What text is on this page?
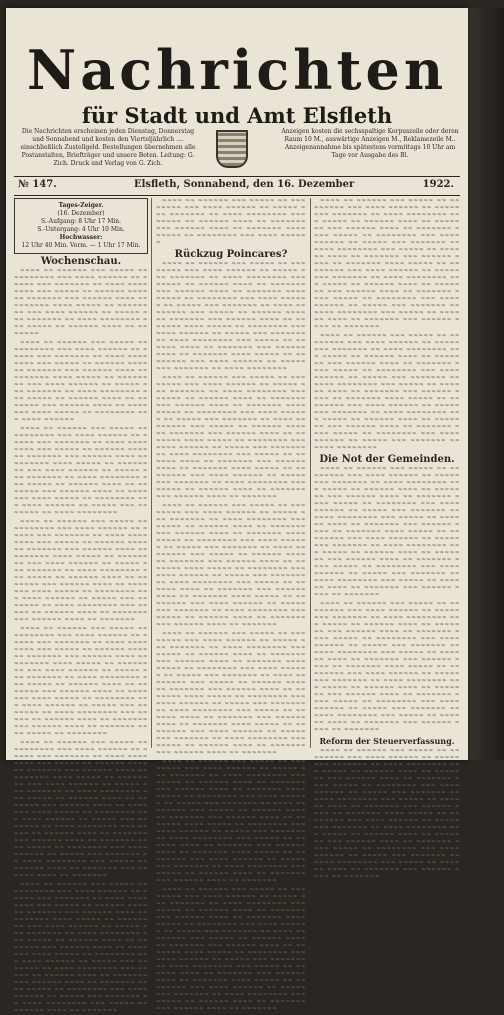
Nachrichten
für Stadt und Amt Elsfleth
Die Nachrichten erscheinen jeden Dienstag, Donnerstag und Sonnabend und kosten den Vierteljährlich .... einschließlich Zustellgeld. Bestellungen übernehmen alle Postanstalten, Briefträger und unsere Boten. Leitung: G. Zich. Druck und Verlag von G. Zich.
Anzeigen kosten die sechsspaltige Korpuszeile oder deren Raum 10 M., auswärtige Anzeigen M., Reklamezeile M.. Anzeigenannahme bis spätestens vormittags 10 Uhr am Tage vor Ausgabe des Bl.
№ 147.	Elsfleth, Sonnabend, den 16. Dezember	1922.
Tages-Zeiger.
(16. Dezember)
S.-Aufgang: 8 Uhr 17 Min.
S.-Untergang: 4 Uhr 10 Min.
Hochwasser:
12 Uhr 40 Min. Vorm. — 1 Uhr 17 Min.
Wochenschau.

≈≈≈≈ ≈≈ ≈≈≈≈≈≈ ≈≈≈ ≈≈≈≈≈ ≈≈ ≈≈≈≈≈≈≈≈ ≈≈≈ ≈≈≈≈ ≈≈≈≈≈≈ ≈≈ ≈≈≈≈≈ ≈≈≈ ≈≈≈≈≈≈≈ ≈≈ ≈≈≈≈ ≈≈≈≈≈≈≈≈ ≈≈≈ ≈≈≈≈≈ ≈≈ ≈≈≈≈≈≈ ≈≈≈≈ ≈≈ ≈≈≈≈≈≈≈ ≈≈≈ ≈≈≈≈≈≈ ≈≈≈≈ ≈≈ ≈≈≈≈≈≈≈ ≈≈≈≈ ≈≈≈≈≈ ≈≈ ≈≈≈≈≈≈≈≈ ≈≈≈ ≈≈≈≈ ≈≈≈≈≈≈ ≈≈ ≈≈≈≈≈ ≈≈≈ ≈≈≈≈≈≈≈ ≈≈ ≈≈≈≈ ≈≈≈≈≈≈≈≈ ≈≈≈ ≈≈≈≈≈ ≈≈ ≈≈≈≈≈≈ ≈≈≈≈ ≈≈ ≈≈≈≈≈≈≈

≈≈≈≈ ≈≈ ≈≈≈≈≈≈ ≈≈≈ ≈≈≈≈≈ ≈≈ ≈≈≈≈≈≈≈≈ ≈≈≈ ≈≈≈≈ ≈≈≈≈≈≈ ≈≈ ≈≈≈≈≈ ≈≈≈ ≈≈≈≈≈≈≈ ≈≈ ≈≈≈≈ ≈≈≈≈≈≈≈≈ ≈≈≈ ≈≈≈≈≈ ≈≈ ≈≈≈≈≈≈ ≈≈≈≈ ≈≈ ≈≈≈≈≈≈≈ ≈≈≈ ≈≈≈≈≈≈ ≈≈≈≈ ≈≈ ≈≈≈≈≈≈≈ ≈≈≈≈ ≈≈≈≈≈ ≈≈ ≈≈≈≈≈≈≈≈ ≈≈≈ ≈≈≈≈ ≈≈≈≈≈≈ ≈≈ ≈≈≈≈≈ ≈≈≈ ≈≈≈≈≈≈≈ ≈≈ ≈≈≈≈ ≈≈≈≈≈≈≈≈ ≈≈≈ ≈≈≈≈≈ ≈≈ ≈≈≈≈≈≈ ≈≈≈≈ ≈≈ ≈≈≈≈≈≈≈ ≈≈≈ ≈≈≈≈≈≈ ≈≈≈≈ ≈≈ ≈≈≈≈≈≈≈ ≈≈≈≈ ≈≈≈≈≈ ≈≈ ≈≈≈≈≈≈≈≈ ≈≈≈ ≈≈≈≈ ≈≈≈≈≈≈

≈≈≈≈ ≈≈ ≈≈≈≈≈≈ ≈≈≈ ≈≈≈≈≈ ≈≈ ≈≈≈≈≈≈≈≈ ≈≈≈ ≈≈≈≈ ≈≈≈≈≈≈ ≈≈ ≈≈≈≈≈ ≈≈≈ ≈≈≈≈≈≈≈ ≈≈ ≈≈≈≈ ≈≈≈≈≈≈≈≈ ≈≈≈ ≈≈≈≈≈ ≈≈ ≈≈≈≈≈≈ ≈≈≈≈ ≈≈ ≈≈≈≈≈≈≈ ≈≈≈ ≈≈≈≈≈≈ ≈≈≈≈ ≈≈ ≈≈≈≈≈≈≈ ≈≈≈≈ ≈≈≈≈≈ ≈≈ ≈≈≈≈≈≈≈≈ ≈≈≈ ≈≈≈≈ ≈≈≈≈≈≈ ≈≈ ≈≈≈≈≈ ≈≈≈ ≈≈≈≈≈≈≈ ≈≈ ≈≈≈≈ ≈≈≈≈≈≈≈≈ ≈≈≈ ≈≈≈≈≈ ≈≈ ≈≈≈≈≈≈ ≈≈≈≈ ≈≈ ≈≈≈≈≈≈≈ ≈≈≈ ≈≈≈≈≈≈ ≈≈≈≈ ≈≈ ≈≈≈≈≈≈≈ ≈≈≈≈ ≈≈≈≈≈ ≈≈ ≈≈≈≈≈≈≈≈ ≈≈≈ ≈≈≈≈ ≈≈≈≈≈≈ ≈≈ ≈≈≈≈≈ ≈≈≈ ≈≈≈≈≈≈≈ ≈≈ ≈≈≈≈ ≈≈≈≈≈≈≈≈

≈≈≈≈ ≈≈ ≈≈≈≈≈≈ ≈≈≈ ≈≈≈≈≈ ≈≈ ≈≈≈≈≈≈≈≈ ≈≈≈ ≈≈≈≈ ≈≈≈≈≈≈ ≈≈ ≈≈≈≈≈ ≈≈≈ ≈≈≈≈≈≈≈ ≈≈ ≈≈≈≈ ≈≈≈≈≈≈≈≈ ≈≈≈ ≈≈≈≈≈ ≈≈ ≈≈≈≈≈≈ ≈≈≈≈ ≈≈ ≈≈≈≈≈≈≈ ≈≈≈ ≈≈≈≈≈≈ ≈≈≈≈ ≈≈ ≈≈≈≈≈≈≈ ≈≈≈≈ ≈≈≈≈≈ ≈≈ ≈≈≈≈≈≈≈≈ ≈≈≈ ≈≈≈≈ ≈≈≈≈≈≈ ≈≈ ≈≈≈≈≈ ≈≈≈ ≈≈≈≈≈≈≈ ≈≈ ≈≈≈≈ ≈≈≈≈≈≈≈≈ ≈≈≈ ≈≈≈≈≈ ≈≈ ≈≈≈≈≈≈ ≈≈≈≈ ≈≈ ≈≈≈≈≈≈≈ ≈≈≈ ≈≈≈≈≈≈ ≈≈≈≈ ≈≈ ≈≈≈≈≈≈≈ ≈≈≈≈ ≈≈≈≈≈ ≈≈ ≈≈≈≈≈≈≈≈ ≈≈≈ ≈≈≈≈ ≈≈≈≈≈≈ ≈≈ ≈≈≈≈≈ ≈≈≈ ≈≈≈≈≈≈≈ ≈≈ ≈≈≈≈ ≈≈≈≈≈≈≈≈ ≈≈≈ ≈≈≈≈≈ ≈≈ ≈≈≈≈≈≈ ≈≈≈≈ ≈≈ ≈≈≈≈≈≈≈ ≈≈≈ ≈≈≈≈≈≈ ≈≈≈≈ ≈≈ ≈≈≈≈≈≈≈

≈≈≈≈ ≈≈ ≈≈≈≈≈≈ ≈≈≈ ≈≈≈≈≈ ≈≈ ≈≈≈≈≈≈≈≈ ≈≈≈ ≈≈≈≈ ≈≈≈≈≈≈ ≈≈ ≈≈≈≈≈ ≈≈≈ ≈≈≈≈≈≈≈ ≈≈ ≈≈≈≈ ≈≈≈≈≈≈≈≈ ≈≈≈ ≈≈≈≈≈ ≈≈ ≈≈≈≈≈≈ ≈≈≈≈ ≈≈ ≈≈≈≈≈≈≈ ≈≈≈ ≈≈≈≈≈≈ ≈≈≈≈ ≈≈ ≈≈≈≈≈≈≈ ≈≈≈≈ ≈≈≈≈≈ ≈≈ ≈≈≈≈≈≈≈≈ ≈≈≈ ≈≈≈≈ ≈≈≈≈≈≈ ≈≈ ≈≈≈≈≈ ≈≈≈ ≈≈≈≈≈≈≈ ≈≈ ≈≈≈≈ ≈≈≈≈≈≈≈≈ ≈≈≈ ≈≈≈≈≈ ≈≈ ≈≈≈≈≈≈ ≈≈≈≈ ≈≈ ≈≈≈≈≈≈≈ ≈≈≈ ≈≈≈≈≈≈ ≈≈≈≈ ≈≈ ≈≈≈≈≈≈≈ ≈≈≈≈ ≈≈≈≈≈ ≈≈ ≈≈≈≈≈≈≈≈ ≈≈≈ ≈≈≈≈ ≈≈≈≈≈≈ ≈≈ ≈≈≈≈≈ ≈≈≈ ≈≈≈≈≈≈≈ ≈≈ ≈≈≈≈ ≈≈≈≈≈≈≈≈ ≈≈≈ ≈≈≈≈≈ ≈≈ ≈≈≈≈≈≈ ≈≈≈≈ ≈≈ ≈≈≈≈≈≈≈ ≈≈≈ ≈≈≈≈≈≈ ≈≈≈≈ ≈≈ ≈≈≈≈≈≈≈ ≈≈≈≈ ≈≈≈≈≈ ≈≈ ≈≈≈≈≈≈≈≈

≈≈≈≈ ≈≈ ≈≈≈≈≈≈ ≈≈≈ ≈≈≈≈≈ ≈≈ ≈≈≈≈≈≈≈≈ ≈≈≈ ≈≈≈≈ ≈≈≈≈≈≈ ≈≈ ≈≈≈≈≈ ≈≈≈ ≈≈≈≈≈≈≈ ≈≈ ≈≈≈≈ ≈≈≈≈≈≈≈≈ ≈≈≈ ≈≈≈≈≈ ≈≈ ≈≈≈≈≈≈ ≈≈≈≈ ≈≈ ≈≈≈≈≈≈≈ ≈≈≈ ≈≈≈≈≈≈ ≈≈≈≈ ≈≈ ≈≈≈≈≈≈≈ ≈≈≈≈ ≈≈≈≈≈ ≈≈ ≈≈≈≈≈≈≈≈ ≈≈≈ ≈≈≈≈ ≈≈≈≈≈≈ ≈≈ ≈≈≈≈≈ ≈≈≈ ≈≈≈≈≈≈≈ ≈≈ ≈≈≈≈ ≈≈≈≈≈≈≈≈ ≈≈≈ ≈≈≈≈≈ ≈≈ ≈≈≈≈≈≈ ≈≈≈≈ ≈≈ ≈≈≈≈≈≈≈ ≈≈≈ ≈≈≈≈≈≈ ≈≈≈≈ ≈≈ ≈≈≈≈≈≈≈ ≈≈≈≈ ≈≈≈≈≈ ≈≈ ≈≈≈≈≈≈≈≈ ≈≈≈ ≈≈≈≈ ≈≈≈≈≈≈ ≈≈ ≈≈≈≈≈ ≈≈≈ ≈≈≈≈≈≈≈ ≈≈ ≈≈≈≈ ≈≈≈≈≈≈≈≈ ≈≈≈ ≈≈≈≈≈ ≈≈ ≈≈≈≈≈≈ ≈≈≈≈ ≈≈ ≈≈≈≈≈≈≈ ≈≈≈ ≈≈≈≈≈≈ ≈≈≈≈ ≈≈ ≈≈≈≈≈≈≈ ≈≈≈≈ ≈≈≈≈≈ ≈≈ ≈≈≈≈≈≈≈≈ ≈≈≈ ≈≈≈≈ ≈≈≈≈≈≈ ≈≈ ≈≈≈≈≈ ≈≈≈ ≈≈≈≈≈≈≈ ≈≈ ≈≈≈≈ ≈≈≈≈≈≈≈≈ ≈≈≈ ≈≈≈≈≈ ≈≈ ≈≈≈≈≈≈ ≈≈≈≈ ≈≈ ≈≈≈≈≈≈≈ ≈≈≈ ≈≈≈≈≈≈ ≈≈≈≈ ≈≈ ≈≈≈≈≈≈≈

≈≈≈≈ ≈≈ ≈≈≈≈≈≈ ≈≈≈ ≈≈≈≈≈ ≈≈ ≈≈≈≈≈≈≈≈ ≈≈≈ ≈≈≈≈ ≈≈≈≈≈≈ ≈≈ ≈≈≈≈≈ ≈≈≈ ≈≈≈≈≈≈≈ ≈≈ ≈≈≈≈ ≈≈≈≈≈≈≈≈ ≈≈≈ ≈≈≈≈≈ ≈≈ ≈≈≈≈≈≈ ≈≈≈≈ ≈≈ ≈≈≈≈≈≈≈ ≈≈≈ ≈≈≈≈≈≈ ≈≈≈≈ ≈≈ ≈≈≈≈≈≈≈ ≈≈≈≈ ≈≈≈≈≈ ≈≈ ≈≈≈≈≈≈≈≈ ≈≈≈ ≈≈≈≈ ≈≈≈≈≈≈ ≈≈ ≈≈≈≈≈ ≈≈≈ ≈≈≈≈≈≈≈ ≈≈ ≈≈≈≈ ≈≈≈≈≈≈≈≈ ≈≈≈ ≈≈≈≈≈ ≈≈ ≈≈≈≈≈≈ ≈≈≈≈ ≈≈ ≈≈≈≈≈≈≈ ≈≈≈ ≈≈≈≈≈≈ ≈≈≈≈ ≈≈ ≈≈≈≈≈≈≈ ≈≈≈≈ ≈≈≈≈≈ ≈≈ ≈≈≈≈≈≈≈≈ ≈≈≈ ≈≈≈≈ ≈≈≈≈≈≈ ≈≈ ≈≈≈≈≈ ≈≈≈ ≈≈≈≈≈≈≈ ≈≈ ≈≈≈≈ ≈≈≈≈≈≈≈≈ ≈≈≈ ≈≈≈≈≈ ≈≈ ≈≈≈≈≈≈ ≈≈≈≈ ≈≈ ≈≈≈≈≈≈≈ ≈≈≈ ≈≈≈≈≈≈ ≈≈≈≈ ≈≈ ≈≈≈≈≈≈≈ ≈≈≈≈ ≈≈≈≈≈ ≈≈ ≈≈≈≈≈≈≈≈ ≈≈≈ ≈≈≈≈ ≈≈≈≈≈≈ ≈≈ ≈≈≈≈≈ ≈≈≈ ≈≈≈≈≈≈≈ ≈≈ ≈≈≈≈ ≈≈≈≈≈≈≈≈ ≈≈≈ ≈≈≈≈≈ ≈≈ ≈≈≈≈≈≈ ≈≈≈≈ ≈≈ ≈≈≈≈≈≈≈

≈≈≈≈ ≈≈ ≈≈≈≈≈≈ ≈≈≈ ≈≈≈≈≈ ≈≈ ≈≈≈≈≈≈≈≈ ≈≈≈ ≈≈≈≈ ≈≈≈≈≈≈ ≈≈ ≈≈≈≈≈ ≈≈≈ ≈≈≈≈≈≈≈ ≈≈ ≈≈≈≈ ≈≈≈≈≈≈≈≈ ≈≈≈ ≈≈≈≈≈ ≈≈ ≈≈≈≈≈≈ ≈≈≈≈ ≈≈ ≈≈≈≈≈≈≈ ≈≈≈ ≈≈≈≈≈≈ ≈≈≈≈ ≈≈ ≈≈≈≈≈≈≈ ≈≈≈≈ ≈≈≈≈≈ ≈≈ ≈≈≈≈≈≈≈≈ ≈≈≈ ≈≈≈≈ ≈≈≈≈≈≈

Rückzug Poincares?

≈≈≈≈ ≈≈ ≈≈≈≈≈≈ ≈≈≈ ≈≈≈≈≈ ≈≈ ≈≈≈≈≈≈≈≈ ≈≈≈ ≈≈≈≈ ≈≈≈≈≈≈ ≈≈ ≈≈≈≈≈ ≈≈≈ ≈≈≈≈≈≈≈ ≈≈ ≈≈≈≈ ≈≈≈≈≈≈≈≈ ≈≈≈ ≈≈≈≈≈ ≈≈ ≈≈≈≈≈≈ ≈≈≈≈ ≈≈ ≈≈≈≈≈≈≈ ≈≈≈ ≈≈≈≈≈≈ ≈≈≈≈ ≈≈ ≈≈≈≈≈≈≈ ≈≈≈≈ ≈≈≈≈≈ ≈≈ ≈≈≈≈≈≈≈≈ ≈≈≈ ≈≈≈≈ ≈≈≈≈≈≈ ≈≈ ≈≈≈≈≈ ≈≈≈ ≈≈≈≈≈≈≈ ≈≈ ≈≈≈≈ ≈≈≈≈≈≈≈≈ ≈≈≈ ≈≈≈≈≈ ≈≈ ≈≈≈≈≈≈ ≈≈≈≈ ≈≈ ≈≈≈≈≈≈≈ ≈≈≈ ≈≈≈≈≈≈ ≈≈≈≈ ≈≈ ≈≈≈≈≈≈≈ ≈≈≈≈ ≈≈≈≈≈ ≈≈ ≈≈≈≈≈≈≈≈ ≈≈≈ ≈≈≈≈ ≈≈≈≈≈≈ ≈≈ ≈≈≈≈≈ ≈≈≈ ≈≈≈≈≈≈≈ ≈≈ ≈≈≈≈ ≈≈≈≈≈≈≈≈ ≈≈≈ ≈≈≈≈≈ ≈≈ ≈≈≈≈≈≈ ≈≈≈≈ ≈≈ ≈≈≈≈≈≈≈ ≈≈≈ ≈≈≈≈≈≈ ≈≈≈≈ ≈≈ ≈≈≈≈≈≈≈ ≈≈≈≈ ≈≈≈≈≈ ≈≈ ≈≈≈≈≈≈≈≈ ≈≈≈ ≈≈≈≈ ≈≈≈≈≈≈ ≈≈ ≈≈≈≈≈ ≈≈≈ ≈≈≈≈≈≈≈ ≈≈ ≈≈≈≈ ≈≈≈≈≈≈≈≈

≈≈≈≈ ≈≈ ≈≈≈≈≈≈ ≈≈≈ ≈≈≈≈≈ ≈≈ ≈≈≈≈≈≈≈≈ ≈≈≈ ≈≈≈≈ ≈≈≈≈≈≈ ≈≈ ≈≈≈≈≈ ≈≈≈ ≈≈≈≈≈≈≈ ≈≈ ≈≈≈≈ ≈≈≈≈≈≈≈≈ ≈≈≈ ≈≈≈≈≈ ≈≈ ≈≈≈≈≈≈ ≈≈≈≈ ≈≈ ≈≈≈≈≈≈≈ ≈≈≈ ≈≈≈≈≈≈ ≈≈≈≈ ≈≈ ≈≈≈≈≈≈≈ ≈≈≈≈ ≈≈≈≈≈ ≈≈ ≈≈≈≈≈≈≈≈ ≈≈≈ ≈≈≈≈ ≈≈≈≈≈≈ ≈≈ ≈≈≈≈≈ ≈≈≈ ≈≈≈≈≈≈≈ ≈≈ ≈≈≈≈ ≈≈≈≈≈≈≈≈ ≈≈≈ ≈≈≈≈≈ ≈≈ ≈≈≈≈≈≈ ≈≈≈≈ ≈≈ ≈≈≈≈≈≈≈ ≈≈≈ ≈≈≈≈≈≈ ≈≈≈≈ ≈≈ ≈≈≈≈≈≈≈ ≈≈≈≈ ≈≈≈≈≈ ≈≈ ≈≈≈≈≈≈≈≈ ≈≈≈ ≈≈≈≈ ≈≈≈≈≈≈ ≈≈ ≈≈≈≈≈ ≈≈≈ ≈≈≈≈≈≈≈ ≈≈ ≈≈≈≈ ≈≈≈≈≈≈≈≈ ≈≈≈ ≈≈≈≈≈ ≈≈ ≈≈≈≈≈≈ ≈≈≈≈ ≈≈ ≈≈≈≈≈≈≈ ≈≈≈ ≈≈≈≈≈≈ ≈≈≈≈ ≈≈ ≈≈≈≈≈≈≈ ≈≈≈≈ ≈≈≈≈≈ ≈≈ ≈≈≈≈≈≈≈≈ ≈≈≈ ≈≈≈≈ ≈≈≈≈≈≈ ≈≈ ≈≈≈≈≈ ≈≈≈ ≈≈≈≈≈≈≈ ≈≈ ≈≈≈≈ ≈≈≈≈≈≈≈≈ ≈≈≈ ≈≈≈≈≈ ≈≈ ≈≈≈≈≈≈ ≈≈≈≈ ≈≈ ≈≈≈≈≈≈≈ ≈≈≈ ≈≈≈≈≈≈ ≈≈≈≈ ≈≈ ≈≈≈≈≈≈≈

≈≈≈≈ ≈≈ ≈≈≈≈≈≈ ≈≈≈ ≈≈≈≈≈ ≈≈ ≈≈≈≈≈≈≈≈ ≈≈≈ ≈≈≈≈ ≈≈≈≈≈≈ ≈≈ ≈≈≈≈≈ ≈≈≈ ≈≈≈≈≈≈≈ ≈≈ ≈≈≈≈ ≈≈≈≈≈≈≈≈ ≈≈≈ ≈≈≈≈≈ ≈≈ ≈≈≈≈≈≈ ≈≈≈≈ ≈≈ ≈≈≈≈≈≈≈ ≈≈≈ ≈≈≈≈≈≈ ≈≈≈≈ ≈≈ ≈≈≈≈≈≈≈ ≈≈≈≈ ≈≈≈≈≈ ≈≈ ≈≈≈≈≈≈≈≈ ≈≈≈ ≈≈≈≈ ≈≈≈≈≈≈ ≈≈ ≈≈≈≈≈ ≈≈≈ ≈≈≈≈≈≈≈ ≈≈ ≈≈≈≈ ≈≈≈≈≈≈≈≈ ≈≈≈ ≈≈≈≈≈ ≈≈ ≈≈≈≈≈≈ ≈≈≈≈ ≈≈ ≈≈≈≈≈≈≈ ≈≈≈ ≈≈≈≈≈≈ ≈≈≈≈ ≈≈ ≈≈≈≈≈≈≈ ≈≈≈≈ ≈≈≈≈≈ ≈≈ ≈≈≈≈≈≈≈≈ ≈≈≈ ≈≈≈≈ ≈≈≈≈≈≈ ≈≈ ≈≈≈≈≈ ≈≈≈ ≈≈≈≈≈≈≈ ≈≈ ≈≈≈≈ ≈≈≈≈≈≈≈≈ ≈≈≈ ≈≈≈≈≈ ≈≈ ≈≈≈≈≈≈ ≈≈≈≈ ≈≈ ≈≈≈≈≈≈≈ ≈≈≈ ≈≈≈≈≈≈ ≈≈≈≈ ≈≈ ≈≈≈≈≈≈≈ ≈≈≈≈ ≈≈≈≈≈ ≈≈ ≈≈≈≈≈≈≈≈ ≈≈≈ ≈≈≈≈ ≈≈≈≈≈≈ ≈≈ ≈≈≈≈≈ ≈≈≈ ≈≈≈≈≈≈≈ ≈≈ ≈≈≈≈ ≈≈≈≈≈≈≈≈ ≈≈≈ ≈≈≈≈≈ ≈≈ ≈≈≈≈≈≈ ≈≈≈≈ ≈≈ ≈≈≈≈≈≈≈ ≈≈≈ ≈≈≈≈≈≈ ≈≈≈≈ ≈≈ ≈≈≈≈≈≈≈

≈≈≈≈ ≈≈ ≈≈≈≈≈≈ ≈≈≈ ≈≈≈≈≈ ≈≈ ≈≈≈≈≈≈≈≈ ≈≈≈ ≈≈≈≈ ≈≈≈≈≈≈ ≈≈ ≈≈≈≈≈ ≈≈≈ ≈≈≈≈≈≈≈ ≈≈ ≈≈≈≈ ≈≈≈≈≈≈≈≈ ≈≈≈ ≈≈≈≈≈ ≈≈ ≈≈≈≈≈≈ ≈≈≈≈ ≈≈ ≈≈≈≈≈≈≈ ≈≈≈ ≈≈≈≈≈≈ ≈≈≈≈ ≈≈ ≈≈≈≈≈≈≈ ≈≈≈≈ ≈≈≈≈≈ ≈≈ ≈≈≈≈≈≈≈≈ ≈≈≈ ≈≈≈≈ ≈≈≈≈≈≈ ≈≈ ≈≈≈≈≈ ≈≈≈ ≈≈≈≈≈≈≈ ≈≈ ≈≈≈≈ ≈≈≈≈≈≈≈≈ ≈≈≈ ≈≈≈≈≈ ≈≈ ≈≈≈≈≈≈ ≈≈≈≈ ≈≈ ≈≈≈≈≈≈≈ ≈≈≈ ≈≈≈≈≈≈ ≈≈≈≈ ≈≈ ≈≈≈≈≈≈≈ ≈≈≈≈ ≈≈≈≈≈ ≈≈ ≈≈≈≈≈≈≈≈ ≈≈≈ ≈≈≈≈ ≈≈≈≈≈≈ ≈≈ ≈≈≈≈≈ ≈≈≈ ≈≈≈≈≈≈≈ ≈≈ ≈≈≈≈ ≈≈≈≈≈≈≈≈ ≈≈≈ ≈≈≈≈≈ ≈≈ ≈≈≈≈≈≈ ≈≈≈≈ ≈≈ ≈≈≈≈≈≈≈ ≈≈≈ ≈≈≈≈≈≈ ≈≈≈≈ ≈≈ ≈≈≈≈≈≈≈ ≈≈≈≈ ≈≈≈≈≈ ≈≈ ≈≈≈≈≈≈≈≈ ≈≈≈ ≈≈≈≈ ≈≈≈≈≈≈ ≈≈ ≈≈≈≈≈ ≈≈≈ ≈≈≈≈≈≈≈ ≈≈ ≈≈≈≈ ≈≈≈≈≈≈≈≈ ≈≈≈ ≈≈≈≈≈ ≈≈ ≈≈≈≈≈≈ ≈≈≈≈ ≈≈ ≈≈≈≈≈≈≈ ≈≈≈ ≈≈≈≈≈≈ ≈≈≈≈ ≈≈ ≈≈≈≈≈≈≈

≈≈≈≈ ≈≈ ≈≈≈≈≈≈ ≈≈≈ ≈≈≈≈≈ ≈≈ ≈≈≈≈≈≈≈≈ ≈≈≈ ≈≈≈≈ ≈≈≈≈≈≈ ≈≈ ≈≈≈≈≈ ≈≈≈ ≈≈≈≈≈≈≈ ≈≈ ≈≈≈≈ ≈≈≈≈≈≈≈≈ ≈≈≈ ≈≈≈≈≈ ≈≈ ≈≈≈≈≈≈ ≈≈≈≈ ≈≈ ≈≈≈≈≈≈≈ ≈≈≈ ≈≈≈≈≈≈ ≈≈≈≈ ≈≈ ≈≈≈≈≈≈≈ ≈≈≈≈ ≈≈≈≈≈ ≈≈ ≈≈≈≈≈≈≈≈ ≈≈≈ ≈≈≈≈ ≈≈≈≈≈≈ ≈≈ ≈≈≈≈≈ ≈≈≈ ≈≈≈≈≈≈≈ ≈≈ ≈≈≈≈ ≈≈≈≈≈≈≈≈ ≈≈≈ ≈≈≈≈≈ ≈≈ ≈≈≈≈≈≈ ≈≈≈≈ ≈≈ ≈≈≈≈≈≈≈ ≈≈≈ ≈≈≈≈≈≈ ≈≈≈≈ ≈≈ ≈≈≈≈≈≈≈ ≈≈≈≈ ≈≈≈≈≈ ≈≈ ≈≈≈≈≈≈≈≈ ≈≈≈ ≈≈≈≈ ≈≈≈≈≈≈ ≈≈ ≈≈≈≈≈ ≈≈≈ ≈≈≈≈≈≈≈ ≈≈ ≈≈≈≈ ≈≈≈≈≈≈≈≈ ≈≈≈ ≈≈≈≈≈ ≈≈ ≈≈≈≈≈≈ ≈≈≈≈ ≈≈ ≈≈≈≈≈≈≈ ≈≈≈ ≈≈≈≈≈≈ ≈≈≈≈ ≈≈ ≈≈≈≈≈≈≈ ≈≈≈≈ ≈≈≈≈≈ ≈≈ ≈≈≈≈≈≈≈≈ ≈≈≈ ≈≈≈≈ ≈≈≈≈≈≈ ≈≈ ≈≈≈≈≈ ≈≈≈ ≈≈≈≈≈≈≈ ≈≈ ≈≈≈≈ ≈≈≈≈≈≈≈≈ ≈≈≈ ≈≈≈≈≈ ≈≈ ≈≈≈≈≈≈ ≈≈≈≈ ≈≈ ≈≈≈≈≈≈≈ ≈≈≈ ≈≈≈≈≈≈ ≈≈≈≈ ≈≈ ≈≈≈≈≈≈≈

≈≈≈≈ ≈≈ ≈≈≈≈≈≈ ≈≈≈ ≈≈≈≈≈ ≈≈ ≈≈≈≈≈≈≈≈ ≈≈≈ ≈≈≈≈ ≈≈≈≈≈≈ ≈≈ ≈≈≈≈≈ ≈≈≈ ≈≈≈≈≈≈≈ ≈≈ ≈≈≈≈ ≈≈≈≈≈≈≈≈ ≈≈≈ ≈≈≈≈≈ ≈≈ ≈≈≈≈≈≈ ≈≈≈≈ ≈≈ ≈≈≈≈≈≈≈ ≈≈≈ ≈≈≈≈≈≈ ≈≈≈≈ ≈≈ ≈≈≈≈≈≈≈ ≈≈≈≈ ≈≈≈≈≈ ≈≈ ≈≈≈≈≈≈≈≈ ≈≈≈ ≈≈≈≈ ≈≈≈≈≈≈ ≈≈ ≈≈≈≈≈ ≈≈≈ ≈≈≈≈≈≈≈ ≈≈ ≈≈≈≈ ≈≈≈≈≈≈≈≈ ≈≈≈ ≈≈≈≈≈ ≈≈ ≈≈≈≈≈≈ ≈≈≈≈ ≈≈ ≈≈≈≈≈≈≈ ≈≈≈ ≈≈≈≈≈≈ ≈≈≈≈ ≈≈ ≈≈≈≈≈≈≈ ≈≈≈≈ ≈≈≈≈≈ ≈≈ ≈≈≈≈≈≈≈≈ ≈≈≈ ≈≈≈≈ ≈≈≈≈≈≈ ≈≈ ≈≈≈≈≈ ≈≈≈ ≈≈≈≈≈≈≈ ≈≈ ≈≈≈≈ ≈≈≈≈≈≈≈≈ ≈≈≈ ≈≈≈≈≈ ≈≈ ≈≈≈≈≈≈ ≈≈≈≈ ≈≈ ≈≈≈≈≈≈≈ ≈≈≈ ≈≈≈≈≈≈ ≈≈≈≈ ≈≈ ≈≈≈≈≈≈≈ ≈≈≈≈ ≈≈≈≈≈ ≈≈ ≈≈≈≈≈≈≈≈ ≈≈≈ ≈≈≈≈ ≈≈≈≈≈≈ ≈≈ ≈≈≈≈≈ ≈≈≈ ≈≈≈≈≈≈≈ ≈≈ ≈≈≈≈ ≈≈≈≈≈≈≈≈ ≈≈≈ ≈≈≈≈≈ ≈≈ ≈≈≈≈≈≈ ≈≈≈≈ ≈≈ ≈≈≈≈≈≈≈ ≈≈≈ ≈≈≈≈≈≈ ≈≈≈≈ ≈≈ ≈≈≈≈≈≈≈

≈≈≈≈ ≈≈ ≈≈≈≈≈≈ ≈≈≈ ≈≈≈≈≈ ≈≈ ≈≈≈≈≈≈≈≈ ≈≈≈ ≈≈≈≈ ≈≈≈≈≈≈ ≈≈ ≈≈≈≈≈ ≈≈≈ ≈≈≈≈≈≈≈ ≈≈ ≈≈≈≈ ≈≈≈≈≈≈≈≈ ≈≈≈ ≈≈≈≈≈ ≈≈ ≈≈≈≈≈≈ ≈≈≈≈ ≈≈ ≈≈≈≈≈≈≈ ≈≈≈ ≈≈≈≈≈≈ ≈≈≈≈ ≈≈ ≈≈≈≈≈≈≈ ≈≈≈≈ ≈≈≈≈≈ ≈≈ ≈≈≈≈≈≈≈≈ ≈≈≈ ≈≈≈≈ ≈≈≈≈≈≈ ≈≈ ≈≈≈≈≈ ≈≈≈ ≈≈≈≈≈≈≈ ≈≈ ≈≈≈≈ ≈≈≈≈≈≈≈≈ ≈≈≈ ≈≈≈≈≈ ≈≈ ≈≈≈≈≈≈ ≈≈≈≈ ≈≈ ≈≈≈≈≈≈≈ ≈≈≈ ≈≈≈≈≈≈ ≈≈≈≈ ≈≈ ≈≈≈≈≈≈≈ ≈≈≈≈ ≈≈≈≈≈ ≈≈ ≈≈≈≈≈≈≈≈ ≈≈≈ ≈≈≈≈ ≈≈≈≈≈≈ ≈≈ ≈≈≈≈≈ ≈≈≈ ≈≈≈≈≈≈≈ ≈≈ ≈≈≈≈ ≈≈≈≈≈≈≈≈ ≈≈≈ ≈≈≈≈≈ ≈≈ ≈≈≈≈≈≈ ≈≈≈≈ ≈≈ ≈≈≈≈≈≈≈ ≈≈≈ ≈≈≈≈≈≈ ≈≈≈≈ ≈≈ ≈≈≈≈≈≈≈ ≈≈≈≈ ≈≈≈≈≈ ≈≈ ≈≈≈≈≈≈≈≈ ≈≈≈ ≈≈≈≈ ≈≈≈≈≈≈ ≈≈ ≈≈≈≈≈ ≈≈≈ ≈≈≈≈≈≈≈ ≈≈ ≈≈≈≈ ≈≈≈≈≈≈≈≈ ≈≈≈ ≈≈≈≈≈ ≈≈ ≈≈≈≈≈≈ ≈≈≈≈ ≈≈ ≈≈≈≈≈≈≈ ≈≈≈ ≈≈≈≈≈≈ ≈≈≈≈ ≈≈ ≈≈≈≈≈≈≈

≈≈≈≈ ≈≈ ≈≈≈≈≈≈ ≈≈≈ ≈≈≈≈≈ ≈≈ ≈≈≈≈≈≈≈≈ ≈≈≈ ≈≈≈≈ ≈≈≈≈≈≈ ≈≈ ≈≈≈≈≈ ≈≈≈ ≈≈≈≈≈≈≈ ≈≈ ≈≈≈≈ ≈≈≈≈≈≈≈≈ ≈≈≈ ≈≈≈≈≈ ≈≈ ≈≈≈≈≈≈ ≈≈≈≈ ≈≈ ≈≈≈≈≈≈≈ ≈≈≈ ≈≈≈≈≈≈ ≈≈≈≈ ≈≈ ≈≈≈≈≈≈≈ ≈≈≈≈ ≈≈≈≈≈ ≈≈ ≈≈≈≈≈≈≈≈ ≈≈≈ ≈≈≈≈ ≈≈≈≈≈≈ ≈≈ ≈≈≈≈≈ ≈≈≈ ≈≈≈≈≈≈≈ ≈≈ ≈≈≈≈ ≈≈≈≈≈≈≈≈ ≈≈≈ ≈≈≈≈≈ ≈≈ ≈≈≈≈≈≈ ≈≈≈≈ ≈≈ ≈≈≈≈≈≈≈ ≈≈≈ ≈≈≈≈≈≈ ≈≈≈≈ ≈≈ ≈≈≈≈≈≈≈ ≈≈≈≈ ≈≈≈≈≈ ≈≈ ≈≈≈≈≈≈≈≈ ≈≈≈ ≈≈≈≈ ≈≈≈≈≈≈ ≈≈ ≈≈≈≈≈ ≈≈≈ ≈≈≈≈≈≈≈ ≈≈ ≈≈≈≈ ≈≈≈≈≈≈≈≈ ≈≈≈ ≈≈≈≈≈ ≈≈ ≈≈≈≈≈≈ ≈≈≈≈ ≈≈ ≈≈≈≈≈≈≈ ≈≈≈ ≈≈≈≈≈≈ ≈≈≈≈ ≈≈ ≈≈≈≈≈≈≈ ≈≈≈≈ ≈≈≈≈≈ ≈≈ ≈≈≈≈≈≈≈≈ ≈≈≈ ≈≈≈≈ ≈≈≈≈≈≈ ≈≈ ≈≈≈≈≈ ≈≈≈ ≈≈≈≈≈≈≈ ≈≈ ≈≈≈≈ ≈≈≈≈≈≈≈≈

Die Not der Gemeinden.

≈≈≈≈ ≈≈ ≈≈≈≈≈≈ ≈≈≈ ≈≈≈≈≈ ≈≈ ≈≈≈≈≈≈≈≈ ≈≈≈ ≈≈≈≈ ≈≈≈≈≈≈ ≈≈ ≈≈≈≈≈ ≈≈≈ ≈≈≈≈≈≈≈ ≈≈ ≈≈≈≈ ≈≈≈≈≈≈≈≈ ≈≈≈ ≈≈≈≈≈ ≈≈ ≈≈≈≈≈≈ ≈≈≈≈ ≈≈ ≈≈≈≈≈≈≈ ≈≈≈ ≈≈≈≈≈≈ ≈≈≈≈ ≈≈ ≈≈≈≈≈≈≈ ≈≈≈≈ ≈≈≈≈≈ ≈≈ ≈≈≈≈≈≈≈≈ ≈≈≈ ≈≈≈≈ ≈≈≈≈≈≈ ≈≈ ≈≈≈≈≈ ≈≈≈ ≈≈≈≈≈≈≈ ≈≈ ≈≈≈≈ ≈≈≈≈≈≈≈≈ ≈≈≈ ≈≈≈≈≈ ≈≈ ≈≈≈≈≈≈ ≈≈≈≈ ≈≈ ≈≈≈≈≈≈≈ ≈≈≈ ≈≈≈≈≈≈ ≈≈≈≈ ≈≈ ≈≈≈≈≈≈≈ ≈≈≈≈ ≈≈≈≈≈ ≈≈ ≈≈≈≈≈≈≈≈ ≈≈≈ ≈≈≈≈ ≈≈≈≈≈≈ ≈≈ ≈≈≈≈≈ ≈≈≈ ≈≈≈≈≈≈≈ ≈≈ ≈≈≈≈ ≈≈≈≈≈≈≈≈ ≈≈≈ ≈≈≈≈≈ ≈≈ ≈≈≈≈≈≈ ≈≈≈≈ ≈≈ ≈≈≈≈≈≈≈ ≈≈≈ ≈≈≈≈≈≈ ≈≈≈≈ ≈≈ ≈≈≈≈≈≈≈ ≈≈≈≈ ≈≈≈≈≈ ≈≈ ≈≈≈≈≈≈≈≈ ≈≈≈ ≈≈≈≈ ≈≈≈≈≈≈ ≈≈ ≈≈≈≈≈ ≈≈≈ ≈≈≈≈≈≈≈ ≈≈ ≈≈≈≈ ≈≈≈≈≈≈≈≈ ≈≈≈ ≈≈≈≈≈ ≈≈ ≈≈≈≈≈≈ ≈≈≈≈ ≈≈ ≈≈≈≈≈≈≈ ≈≈≈ ≈≈≈≈≈≈ ≈≈≈≈ ≈≈ ≈≈≈≈≈≈≈

≈≈≈≈ ≈≈ ≈≈≈≈≈≈ ≈≈≈ ≈≈≈≈≈ ≈≈ ≈≈≈≈≈≈≈≈ ≈≈≈ ≈≈≈≈ ≈≈≈≈≈≈ ≈≈ ≈≈≈≈≈ ≈≈≈ ≈≈≈≈≈≈≈ ≈≈ ≈≈≈≈ ≈≈≈≈≈≈≈≈ ≈≈≈ ≈≈≈≈≈ ≈≈ ≈≈≈≈≈≈ ≈≈≈≈ ≈≈ ≈≈≈≈≈≈≈ ≈≈≈ ≈≈≈≈≈≈ ≈≈≈≈ ≈≈ ≈≈≈≈≈≈≈ ≈≈≈≈ ≈≈≈≈≈ ≈≈ ≈≈≈≈≈≈≈≈ ≈≈≈ ≈≈≈≈ ≈≈≈≈≈≈ ≈≈ ≈≈≈≈≈ ≈≈≈ ≈≈≈≈≈≈≈ ≈≈ ≈≈≈≈ ≈≈≈≈≈≈≈≈ ≈≈≈ ≈≈≈≈≈ ≈≈ ≈≈≈≈≈≈ ≈≈≈≈ ≈≈ ≈≈≈≈≈≈≈ ≈≈≈ ≈≈≈≈≈≈ ≈≈≈≈ ≈≈ ≈≈≈≈≈≈≈ ≈≈≈≈ ≈≈≈≈≈ ≈≈ ≈≈≈≈≈≈≈≈ ≈≈≈ ≈≈≈≈ ≈≈≈≈≈≈ ≈≈ ≈≈≈≈≈ ≈≈≈ ≈≈≈≈≈≈≈ ≈≈ ≈≈≈≈ ≈≈≈≈≈≈≈≈ ≈≈≈ ≈≈≈≈≈ ≈≈ ≈≈≈≈≈≈ ≈≈≈≈ ≈≈ ≈≈≈≈≈≈≈ ≈≈≈ ≈≈≈≈≈≈ ≈≈≈≈ ≈≈ ≈≈≈≈≈≈≈ ≈≈≈≈ ≈≈≈≈≈ ≈≈ ≈≈≈≈≈≈≈≈ ≈≈≈ ≈≈≈≈ ≈≈≈≈≈≈ ≈≈ ≈≈≈≈≈ ≈≈≈ ≈≈≈≈≈≈≈ ≈≈ ≈≈≈≈ ≈≈≈≈≈≈≈≈ ≈≈≈ ≈≈≈≈≈ ≈≈ ≈≈≈≈≈≈ ≈≈≈≈ ≈≈ ≈≈≈≈≈≈≈ ≈≈≈ ≈≈≈≈≈≈ ≈≈≈≈ ≈≈ ≈≈≈≈≈≈≈

Reform der Steuerverfassung.

≈≈≈≈ ≈≈ ≈≈≈≈≈≈ ≈≈≈ ≈≈≈≈≈ ≈≈ ≈≈≈≈≈≈≈≈ ≈≈≈ ≈≈≈≈ ≈≈≈≈≈≈ ≈≈ ≈≈≈≈≈ ≈≈≈ ≈≈≈≈≈≈≈ ≈≈ ≈≈≈≈ ≈≈≈≈≈≈≈≈ ≈≈≈ ≈≈≈≈≈ ≈≈ ≈≈≈≈≈≈ ≈≈≈≈ ≈≈ ≈≈≈≈≈≈≈ ≈≈≈ ≈≈≈≈≈≈ ≈≈≈≈ ≈≈ ≈≈≈≈≈≈≈ ≈≈≈≈ ≈≈≈≈≈ ≈≈ ≈≈≈≈≈≈≈≈ ≈≈≈ ≈≈≈≈ ≈≈≈≈≈≈ ≈≈ ≈≈≈≈≈ ≈≈≈ ≈≈≈≈≈≈≈ ≈≈ ≈≈≈≈ ≈≈≈≈≈≈≈≈ ≈≈≈ ≈≈≈≈≈ ≈≈ ≈≈≈≈≈≈ ≈≈≈≈ ≈≈ ≈≈≈≈≈≈≈ ≈≈≈ ≈≈≈≈≈≈ ≈≈≈≈ ≈≈ ≈≈≈≈≈≈≈ ≈≈≈≈ ≈≈≈≈≈ ≈≈ ≈≈≈≈≈≈≈≈ ≈≈≈ ≈≈≈≈ ≈≈≈≈≈≈ ≈≈ ≈≈≈≈≈ ≈≈≈ ≈≈≈≈≈≈≈ ≈≈ ≈≈≈≈ ≈≈≈≈≈≈≈≈ ≈≈≈ ≈≈≈≈≈ ≈≈ ≈≈≈≈≈≈ ≈≈≈≈ ≈≈ ≈≈≈≈≈≈≈ ≈≈≈ ≈≈≈≈≈≈ ≈≈≈≈ ≈≈ ≈≈≈≈≈≈≈ ≈≈≈≈ ≈≈≈≈≈ ≈≈ ≈≈≈≈≈≈≈≈ ≈≈≈ ≈≈≈≈ ≈≈≈≈≈≈ ≈≈ ≈≈≈≈≈ ≈≈≈ ≈≈≈≈≈≈≈ ≈≈ ≈≈≈≈ ≈≈≈≈≈≈≈≈ ≈≈≈ ≈≈≈≈≈ ≈≈ ≈≈≈≈≈≈ ≈≈≈≈ ≈≈ ≈≈≈≈≈≈≈ ≈≈≈ ≈≈≈≈≈≈ ≈≈≈≈ ≈≈ ≈≈≈≈≈≈≈
